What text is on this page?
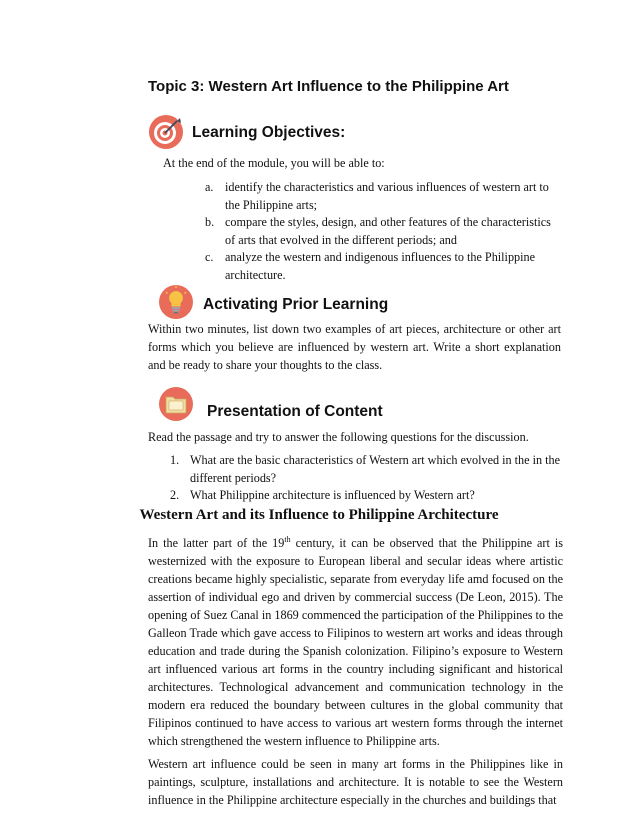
Topic 3: Western Art Influence to the Philippine Art
Learning Objectives:
At the end of the module, you will be able to:
a. identify the characteristics and various influences of western art to
the Philippine arts;
b. compare the styles, design, and other features of the characteristics
of arts that evolved in the different periods; and
c. analyze the western and indigenous influences to the Philippine
architecture.
Activating Prior Learning
Within two minutes, list down two examples of art pieces, architecture or other art forms which you believe are influenced by western art. Write a short explanation and be ready to share your thoughts to the class.
Presentation of Content
Read the passage and try to answer the following questions for the discussion.
1. What are the basic characteristics of Western art which evolved in the in the
different periods?
2. What Philippine architecture is influenced by Western art?
Western Art and its Influence to Philippine Architecture
In the latter part of the 19th century, it can be observed that the Philippine art is westernized with the exposure to European liberal and secular ideas where artistic creations became highly specialistic, separate from everyday life amd focused on the assertion of individual ego and driven by commercial success (De Leon, 2015). The opening of Suez Canal in 1869 commenced the participation of the Philippines to the Galleon Trade which gave access to Filipinos to western art works and ideas through education and trade during the Spanish colonization. Filipino’s exposure to Western art influenced various art forms in the country including significant and historical architectures. Technological advancement and communication technology in the modern era reduced the boundary between cultures in the global community that Filipinos continued to have access to various art western forms through the internet which strengthened the western influence to Philippine arts.
Western art influence could be seen in many art forms in the Philippines like in paintings, sculpture, installations and architecture. It is notable to see the Western influence in the Philippine architecture especially in the churches and buildings that
